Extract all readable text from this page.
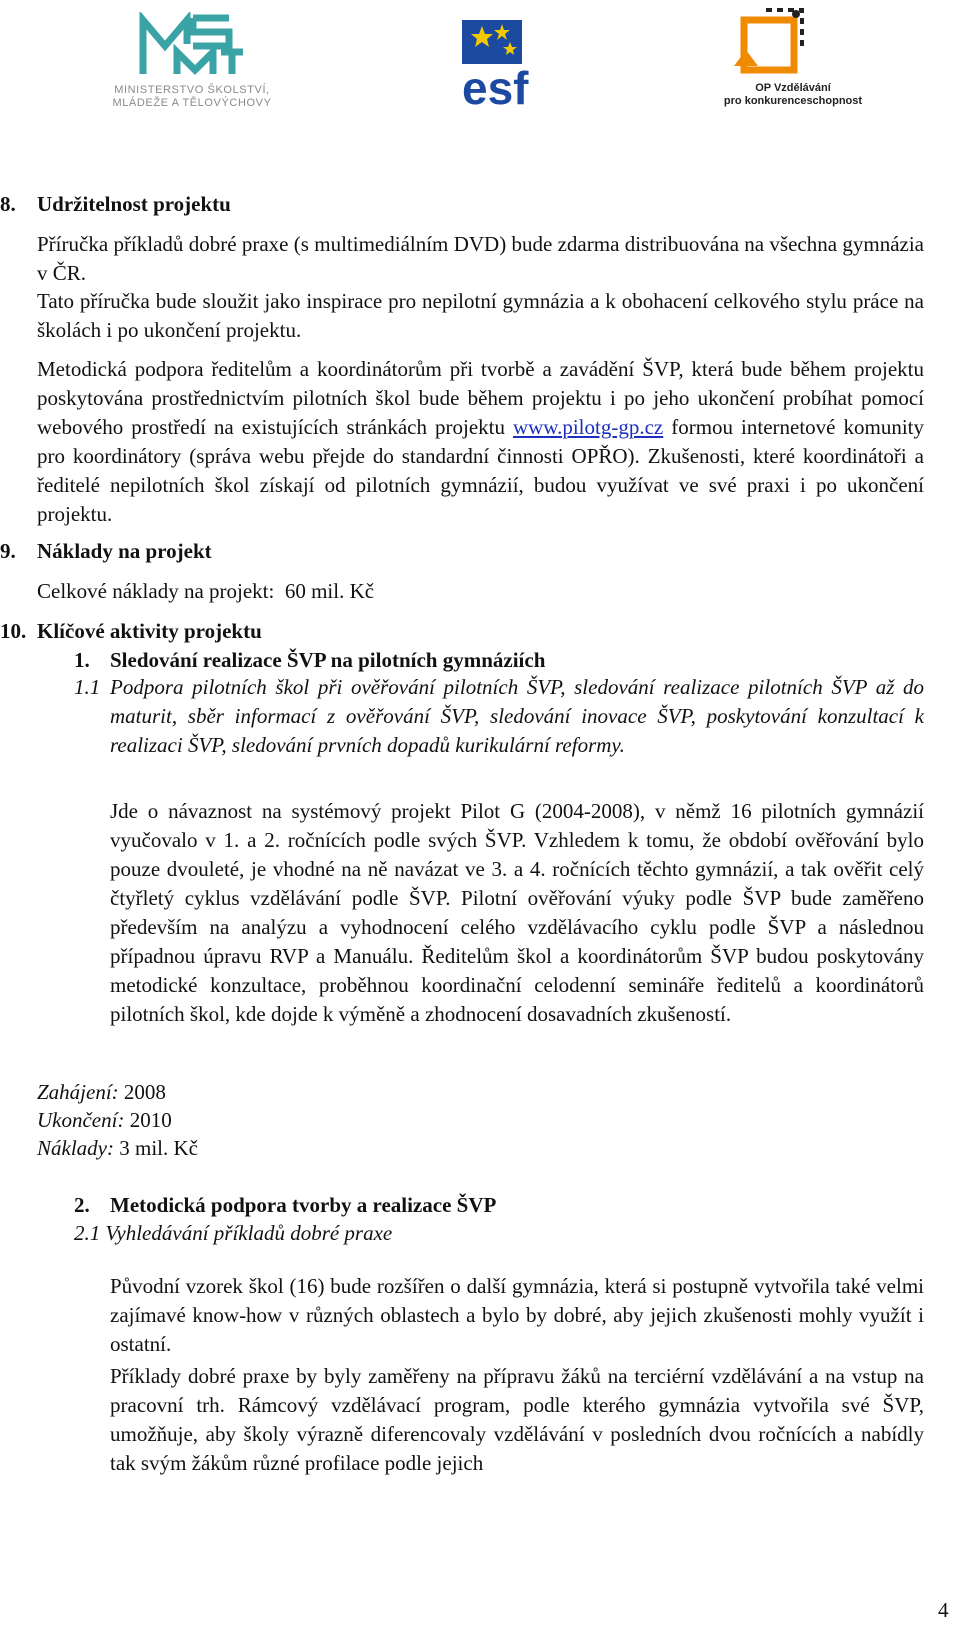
MINISTERSTVO ŠKOLSTVÍ,
MLÁDEŽE A TĚLOVÝCHOVY	esf	OP Vzdělávání
pro konkurenceschopnost
8. Udržitelnost projektu

Příručka příkladů dobré praxe (s multimediálním DVD) bude zdarma distribuována na všechna gymnázia v ČR.

Tato příručka bude sloužit jako inspirace pro nepilotní gymnázia a k obohacení celkového stylu práce na školách i po ukončení projektu.

Metodická podpora ředitelům a koordinátorům při tvorbě a zavádění ŠVP, která bude během projektu poskytována prostřednictvím pilotních škol bude během projektu i po jeho ukončení probíhat pomocí webového prostředí na existujících stránkách projektu www.pilotg-gp.cz formou internetové komunity pro koordinátory (správa webu přejde do standardní činnosti OPŘO). Zkušenosti, které koordinátoři a ředitelé nepilotních škol získají od pilotních gymnázií, budou využívat ve své praxi i po ukončení projektu.

9. Náklady na projekt

Celkové náklady na projekt:  60 mil. Kč

10. Klíčové aktivity projektu
1. Sledování realizace ŠVP na pilotních gymnáziích
1.1 Podpora pilotních škol při ověřování pilotních ŠVP, sledování realizace pilotních ŠVP až do maturit, sběr informací z ověřování ŠVP, sledování inovace ŠVP, poskytování konzultací k realizaci ŠVP, sledování prvních dopadů kurikulární reformy.

Jde o návaznost na systémový projekt Pilot G (2004-2008), v němž 16 pilotních gymnázií vyučovalo v 1. a 2. ročnících podle svých ŠVP. Vzhledem k tomu, že období ověřování bylo pouze dvouleté, je vhodné na ně navázat ve 3. a 4. ročnících těchto gymnázií, a tak ověřit celý čtyřletý cyklus vzdělávání podle ŠVP. Pilotní ověřování výuky podle ŠVP bude zaměřeno především na analýzu a vyhodnocení celého vzdělávacího cyklu podle ŠVP a následnou případnou úpravu RVP a Manuálu. Ředitelům škol a koordinátorům ŠVP budou poskytovány metodické konzultace, proběhnou koordinační celodenní semináře ředitelů a koordinátorů pilotních škol, kde dojde k výměně a zhodnocení dosavadních zkušeností.

Zahájení: 2008
Ukončení: 2010
Náklady: 3 mil. Kč
2. Metodická podpora tvorby a realizace ŠVP
2.1 Vyhledávání příkladů dobré praxe

Původní vzorek škol (16) bude rozšířen o další gymnázia, která si postupně vytvořila také velmi zajímavé know-how v různých oblastech a bylo by dobré, aby jejich zkušenosti mohly využít i ostatní.

Příklady dobré praxe by byly zaměřeny na přípravu žáků na terciérní vzdělávání a na vstup na pracovní trh. Rámcový vzdělávací program, podle kterého gymnázia vytvořila své ŠVP, umožňuje, aby školy výrazně diferencovaly vzdělávání v posledních dvou ročnících a nabídly tak svým žákům různé profilace podle jejich

4
